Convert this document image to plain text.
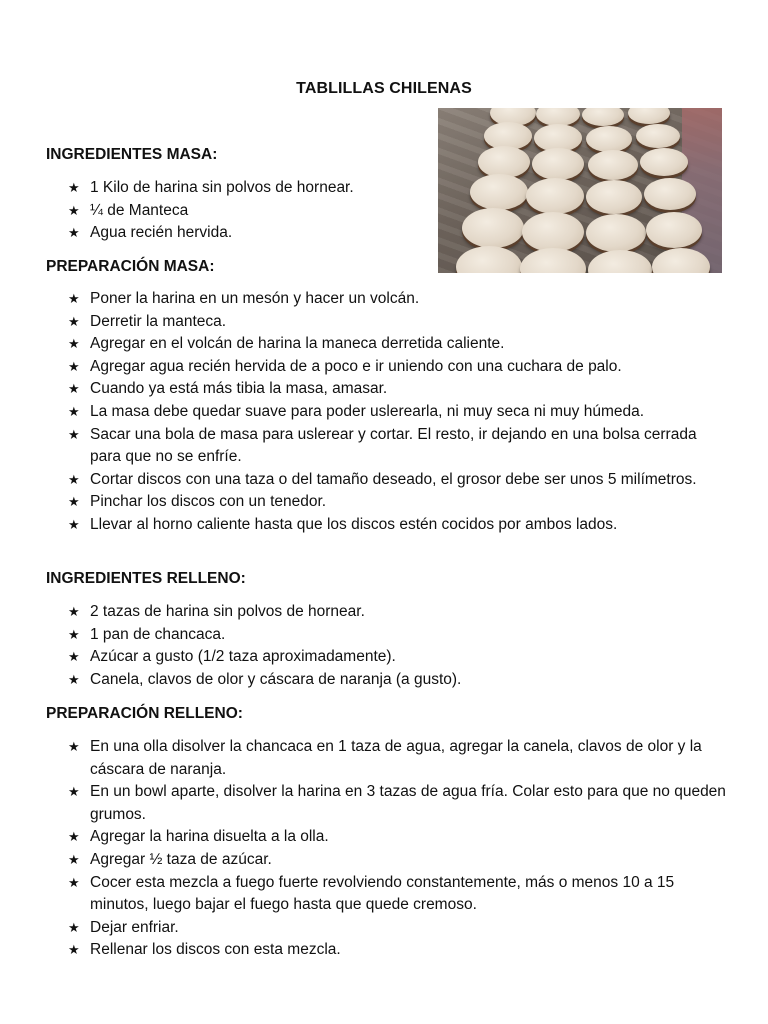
TABLILLAS CHILENAS
INGREDIENTES MASA:
★ 1 Kilo de harina sin polvos de hornear.
★ ¼ de Manteca
★ Agua recién hervida.
PREPARACIÓN MASA:
★ Poner la harina en un mesón y hacer un volcán.
★ Derretir la manteca.
★ Agregar en el volcán de harina la maneca derretida caliente.
★ Agregar agua recién hervida de a poco e ir uniendo con una cuchara de palo.
★ Cuando ya está más tibia la masa, amasar.
★ La masa debe quedar suave para poder uslerearla, ni muy seca ni muy húmeda.
★ Sacar una bola de masa para uslerear y cortar. El resto, ir dejando en una bolsa cerrada para que no se enfríe.
★ Cortar discos con una taza o del tamaño deseado, el grosor debe ser unos 5 milímetros.
★ Pinchar los discos con un tenedor.
★ Llevar al horno caliente hasta que los discos estén cocidos por ambos lados.
INGREDIENTES RELLENO:
★ 2 tazas de harina sin polvos de hornear.
★ 1 pan de chancaca.
★ Azúcar a gusto (1/2 taza aproximadamente).
★ Canela, clavos de olor y cáscara de naranja (a gusto).
PREPARACIÓN RELLENO:
★ En una olla disolver la chancaca en 1 taza de agua, agregar la canela, clavos de olor y la cáscara de naranja.
★ En un bowl aparte, disolver la harina en 3 tazas de agua fría. Colar esto para que no queden grumos.
★ Agregar la harina disuelta a la olla.
★ Agregar ½ taza de azúcar.
★ Cocer esta mezcla a fuego fuerte revolviendo constantemente, más o menos 10 a 15 minutos, luego bajar el fuego hasta que quede cremoso.
★ Dejar enfriar.
★ Rellenar los discos con esta mezcla.
